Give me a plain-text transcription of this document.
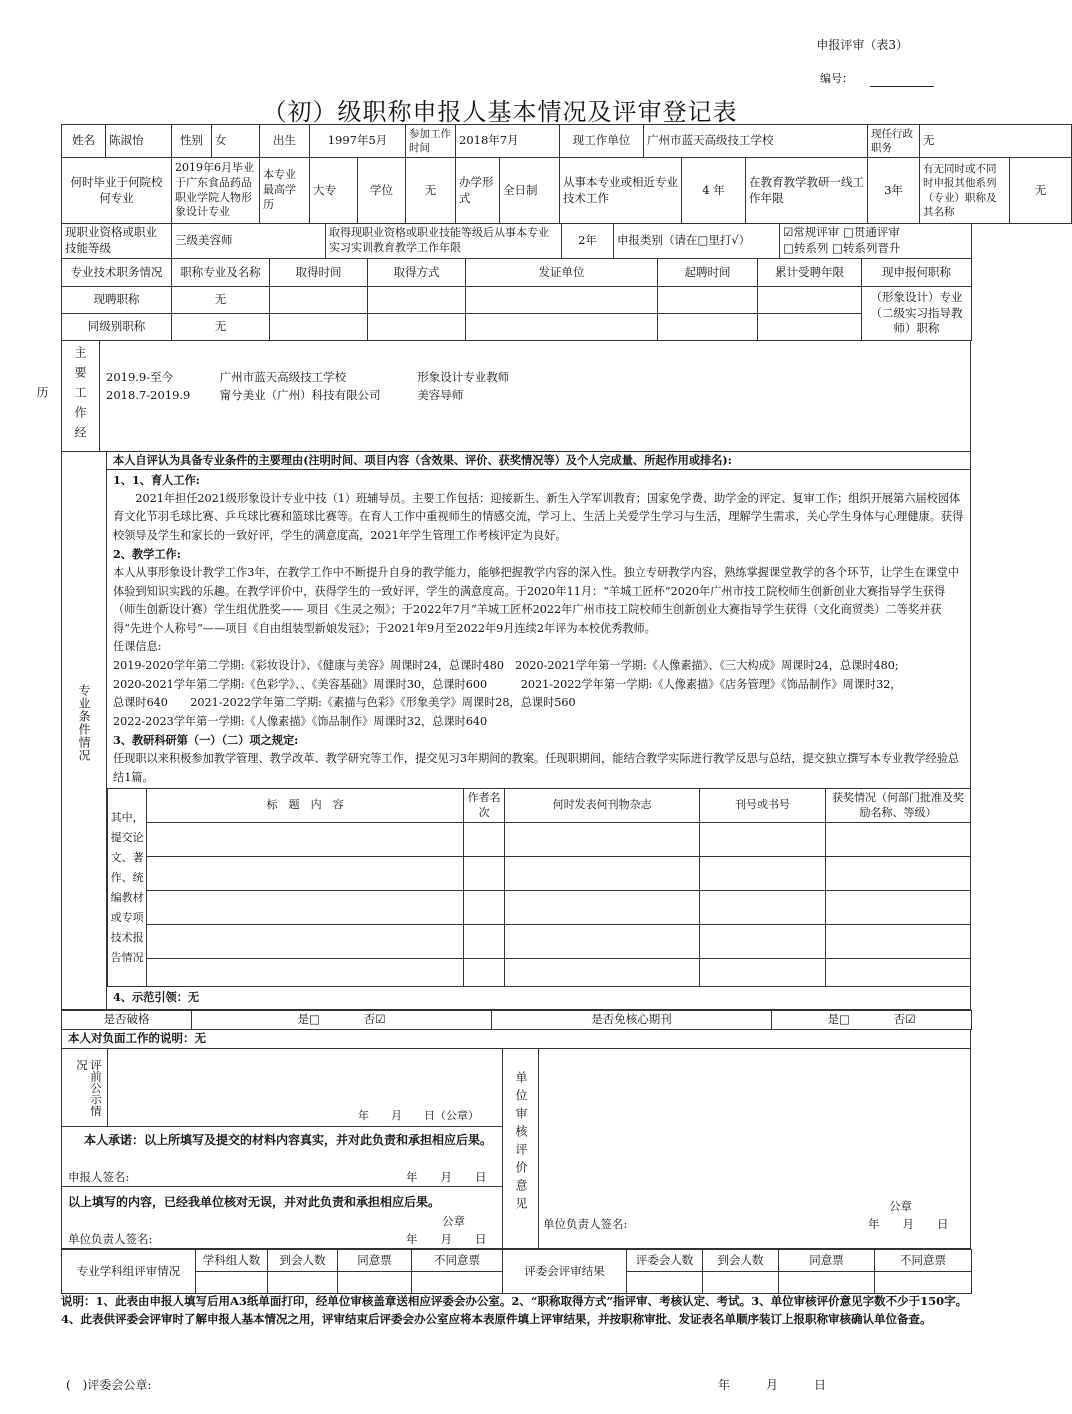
申报评审（表3）
编号：
（初）级职称申报人基本情况及评审登记表
姓名	陈淑怡	性别	女	出生	1997年5月		参加工作时间	2018年7月		现工作单位	广州市蓝天高级技工学校			现任行政职务	无	
何时毕业于何院校何专业		2019年6月毕业于广东食品药品职业学院人物形象设计专业		本专业最高学历	大专	学位	无	办学形式	全日制	从事本专业或相近专业技术工作		4 年	在教育教学教研一线工作年限	3年	有无同时或不同时申报其他系列（专业）职称及其名称	无
现职业资格或职业技能等级	三级美容师	取得现职业资格或职业技能等级后从事本专业实习实训教育教学工作年限	2年	申报类别（请在□里打√）	☑常规评审 □贯通评审
□转系列 □转系列晋升
专业技术职务情况	职称专业及名称	取得时间	取得方式	发证单位	起聘时间	累计受聘年限	现申报何职称
现聘职称	无						（形象设计）专业（二级实习指导教师）职称
同级别职称	无						
主要工作经历
2019.9-至今	广州市蓝天高级技工学校	形象设计专业教师
2018.7-2019.9	甯兮美业（广州）科技有限公司	美容导师
专业条件情况
本人自评认为具备专业条件的主要理由(注明时间、项目内容（含效果、评价、获奖情况等）及个人完成量、所起作用或排名):
1、1、育人工作:
2021年担任2021级形象设计专业中技（1）班辅导员。主要工作包括：迎接新生、新生入学军训教育；国家免学费、助学金的评定、复审工作；组织开展第六届校园体育文化节羽毛球比赛、乒乓球比赛和篮球比赛等。在育人工作中重视师生的情感交流，学习上、生活上关爱学生学习与生活，理解学生需求，关心学生身体与心理健康。获得校领导及学生和家长的一致好评，学生的满意度高，2021年学生管理工作考核评定为良好。
2、教学工作:
本人从事形象设计教学工作3年，在教学工作中不断提升自身的教学能力，能够把握教学内容的深入性。独立专研教学内容，熟练掌握课堂教学的各个环节，让学生在课堂中体验到知识实践的乐趣。在教学评价中，获得学生的一致好评，学生的满意度高。于2020年11月：“羊城工匠杯”2020年广州市技工院校师生创新创业大赛指导学生获得（师生创新设计赛）学生组优胜奖—— 项目《生灵之殒》；于2022年7月“羊城工匠杯2022年广州市技工院校师生创新创业大赛指导学生获得（文化商贸类）二等奖并获得“先进个人称号”——项目《自由组装型新娘发冠》；于2021年9月至2022年9月连续2年评为本校优秀教师。
任课信息:
2019-2020学年第二学期:《彩妆设计》、《健康与美容》周课时24，总课时480　2020-2021学年第一学期:《人像素描》、《三大构成》周课时24，总课时480;
2020-2021学年第二学期:《色彩学》、、《美容基础》周课时30，总课时600　　　2021-2022学年第一学期:《人像素描》《店务管理》《饰品制作》周课时32，
总课时640　　2021-2022学年第二学期:《素描与色彩》《形象美学》周课时28，总课时560
2022-2023学年第一学期:《人像素描》《饰品制作》周课时32，总课时640
3、教研科研第（一）（二）项之规定:
任现职以来积极参加教学管理、教学改革、教学研究等工作，提交见习3年期间的教案。任现职期间，能结合教学实际进行教学反思与总结，提交独立撰写本专业教学经验总结1篇。
其中，提交论文、著作、统编教材或专项技术报告情况	标　题　内　容	作者名次	何时发表何刊物杂志	刊号或书号	获奖情况（何部门批准及奖励名称、等级）

4、示范引领：无
是否破格	是□	否☑	是否免核心期刊	是□	否☑
本人对负面工作的说明：无
评前公示情况
年　　月　　日（公章）
本人承诺：以上所填写及提交的材料内容真实，并对此负责和承担相应后果。
申报人签名:	年　　月　　日
以上填写的内容，已经我单位核对无误，并对此负责和承担相应后果。
公章
单位负责人签名:	年　　月　　日
单位审核评价意见	公章
单位负责人签名:	年　　月　　日
专业学科组评审情况	学科组人数	到会人数	同意票	不同意票	评委会评审结果	评委会人数	到会人数	同意票	不同意票

说明：1、此表由申报人填写后用A3纸单面打印，经单位审核盖章送相应评委会办公室。2、“职称取得方式”指评审、考核认定、考试。3、单位审核评价意见字数不少于150字。4、此表供评委会评审时了解申报人基本情况之用，评审结束后评委会办公室应将本表原件填上评审结果，并按职称审批、发证表名单顺序装订上报职称审核确认单位备查。
(　)评委会公章:	年　　　月　　　日
